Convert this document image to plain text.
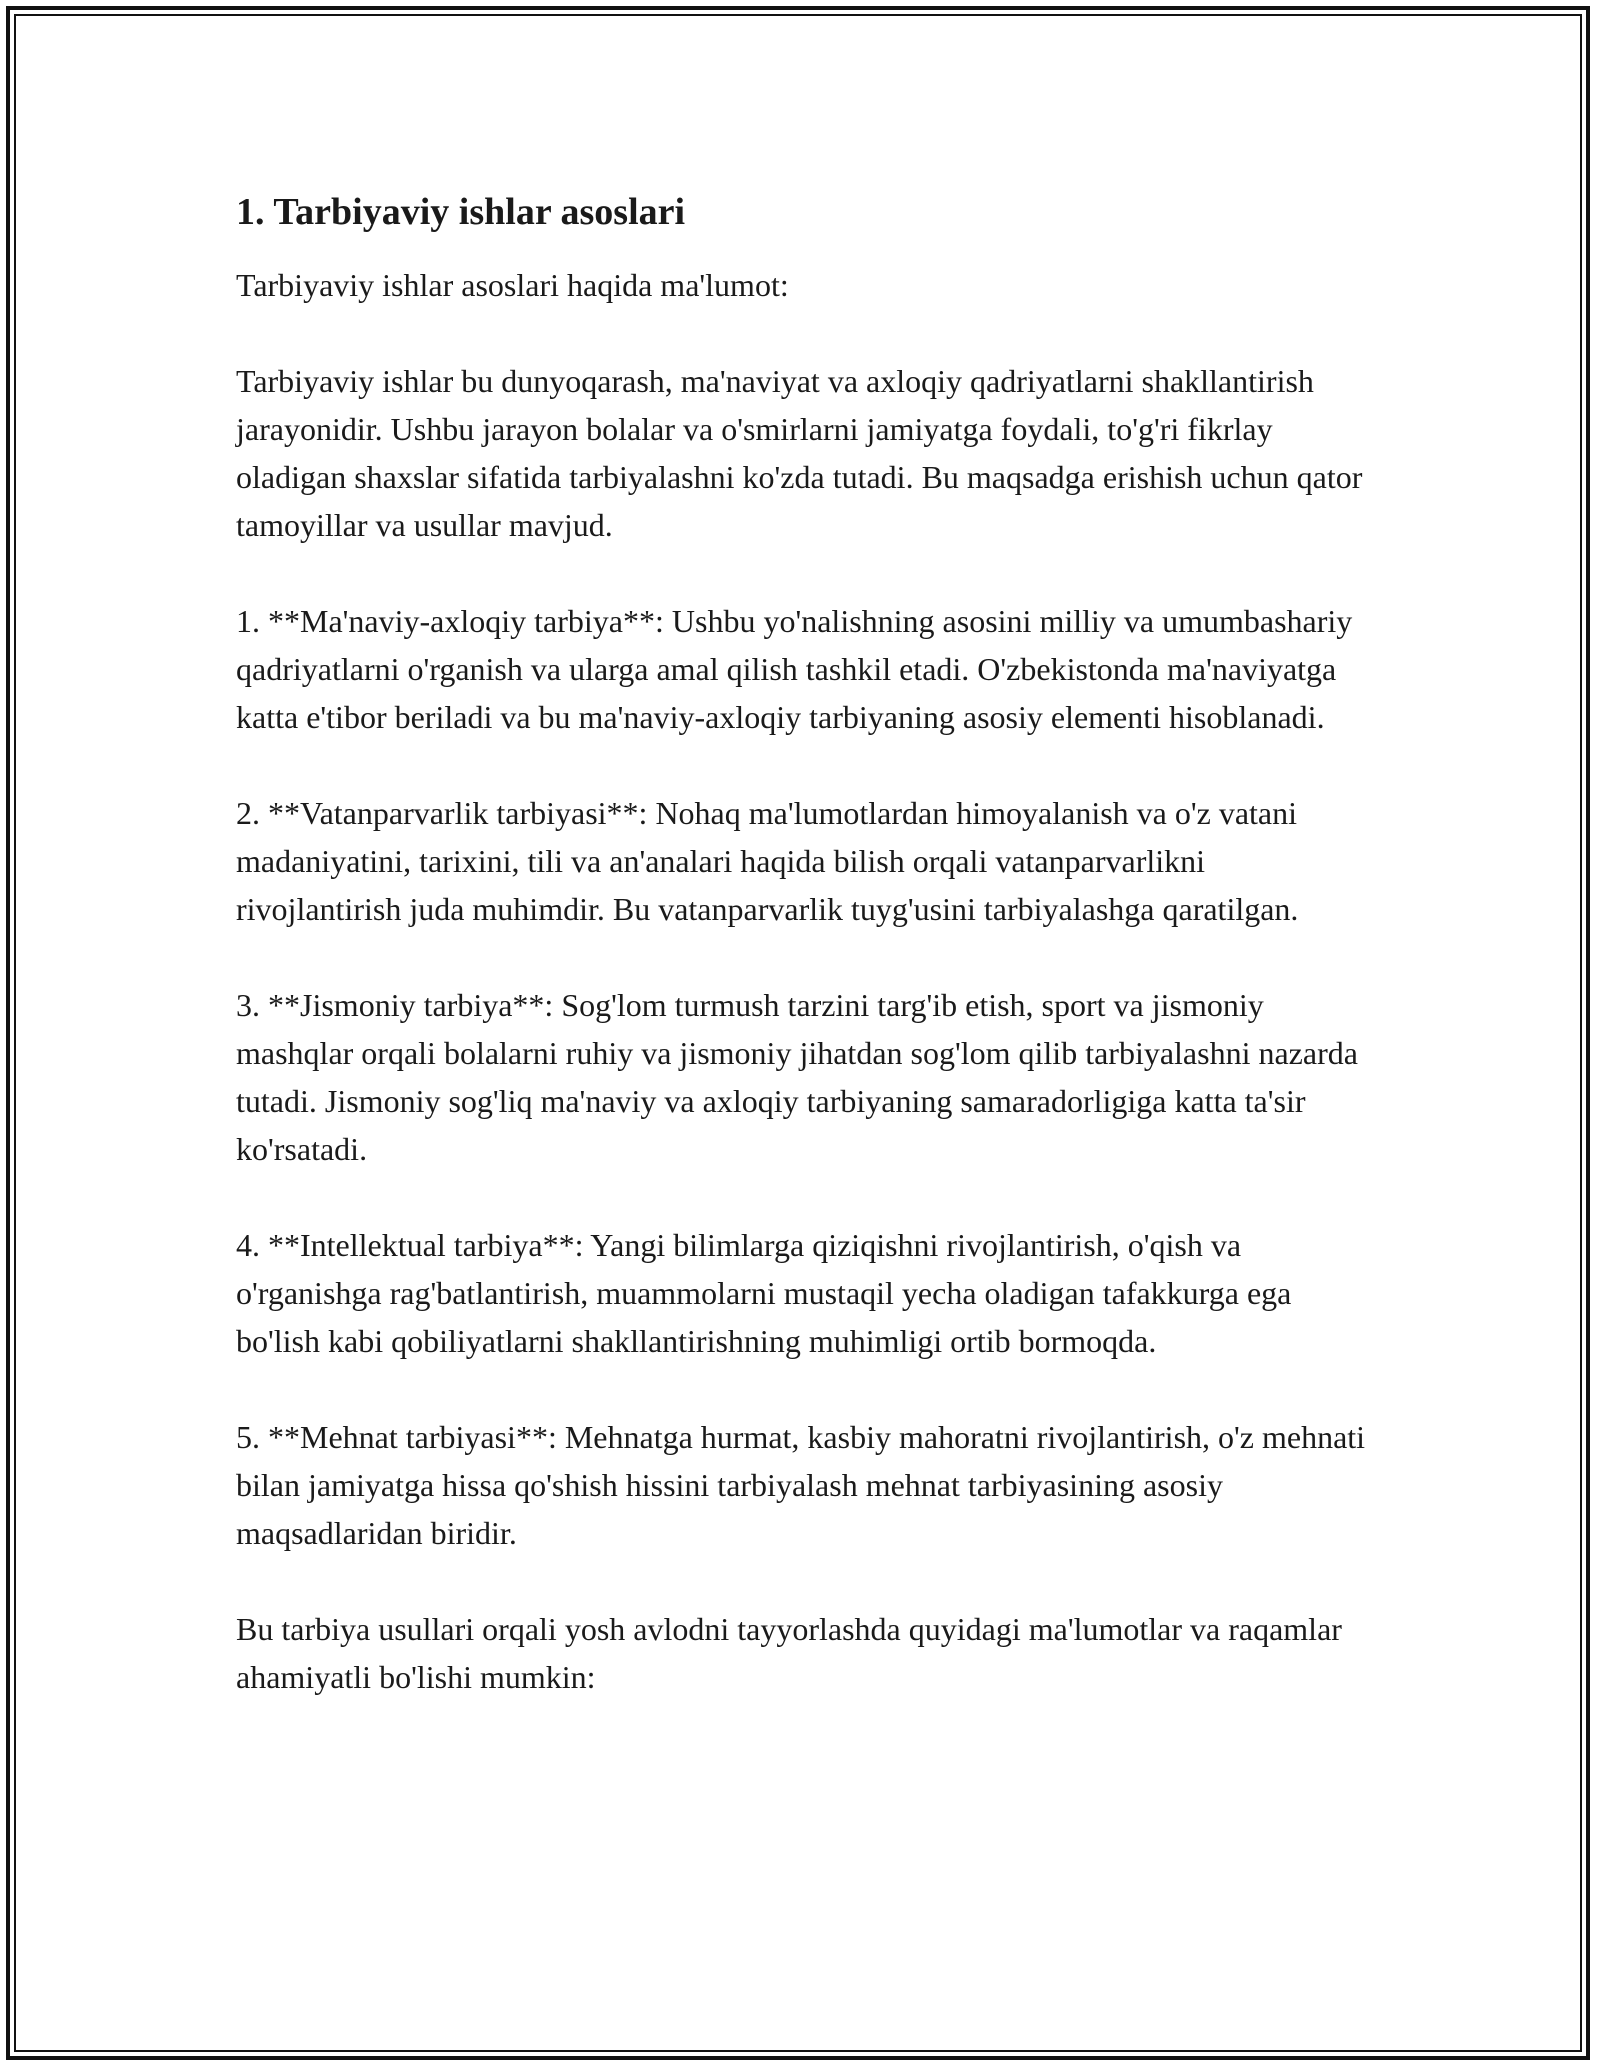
1. Tarbiyaviy ishlar asoslari

Tarbiyaviy ishlar asoslari haqida ma'lumot:

Tarbiyaviy ishlar bu dunyoqarash, ma'naviyat va axloqiy qadriyatlarni shakllantirish jarayonidir. Ushbu jarayon bolalar va o'smirlarni jamiyatga foydali, to'g'ri fikrlay oladigan shaxslar sifatida tarbiyalashni ko'zda tutadi. Bu maqsadga erishish uchun qator tamoyillar va usullar mavjud.

1. **Ma'naviy-axloqiy tarbiya**: Ushbu yo'nalishning asosini milliy va umumbashariy qadriyatlarni o'rganish va ularga amal qilish tashkil etadi. O'zbekistonda ma'naviyatga katta e'tibor beriladi va bu ma'naviy-axloqiy tarbiyaning asosiy elementi hisoblanadi.

2. **Vatanparvarlik tarbiyasi**: Nohaq ma'lumotlardan himoyalanish va o'z vatani madaniyatini, tarixini, tili va an'analari haqida bilish orqali vatanparvarlikni rivojlantirish juda muhimdir. Bu vatanparvarlik tuyg'usini tarbiyalashga qaratilgan.

3. **Jismoniy tarbiya**: Sog'lom turmush tarzini targ'ib etish, sport va jismoniy mashqlar orqali bolalarni ruhiy va jismoniy jihatdan sog'lom qilib tarbiyalashni nazarda tutadi. Jismoniy sog'liq ma'naviy va axloqiy tarbiyaning samaradorligiga katta ta'sir ko'rsatadi.

4. **Intellektual tarbiya**: Yangi bilimlarga qiziqishni rivojlantirish, o'qish va o'rganishga rag'batlantirish, muammolarni mustaqil yecha oladigan tafakkurga ega bo'lish kabi qobiliyatlarni shakllantirishning muhimligi ortib bormoqda.

5. **Mehnat tarbiyasi**: Mehnatga hurmat, kasbiy mahoratni rivojlantirish, o'z mehnati bilan jamiyatga hissa qo'shish hissini tarbiyalash mehnat tarbiyasining asosiy maqsadlaridan biridir.

Bu tarbiya usullari orqali yosh avlodni tayyorlashda quyidagi ma'lumotlar va raqamlar ahamiyatli bo'lishi mumkin:
